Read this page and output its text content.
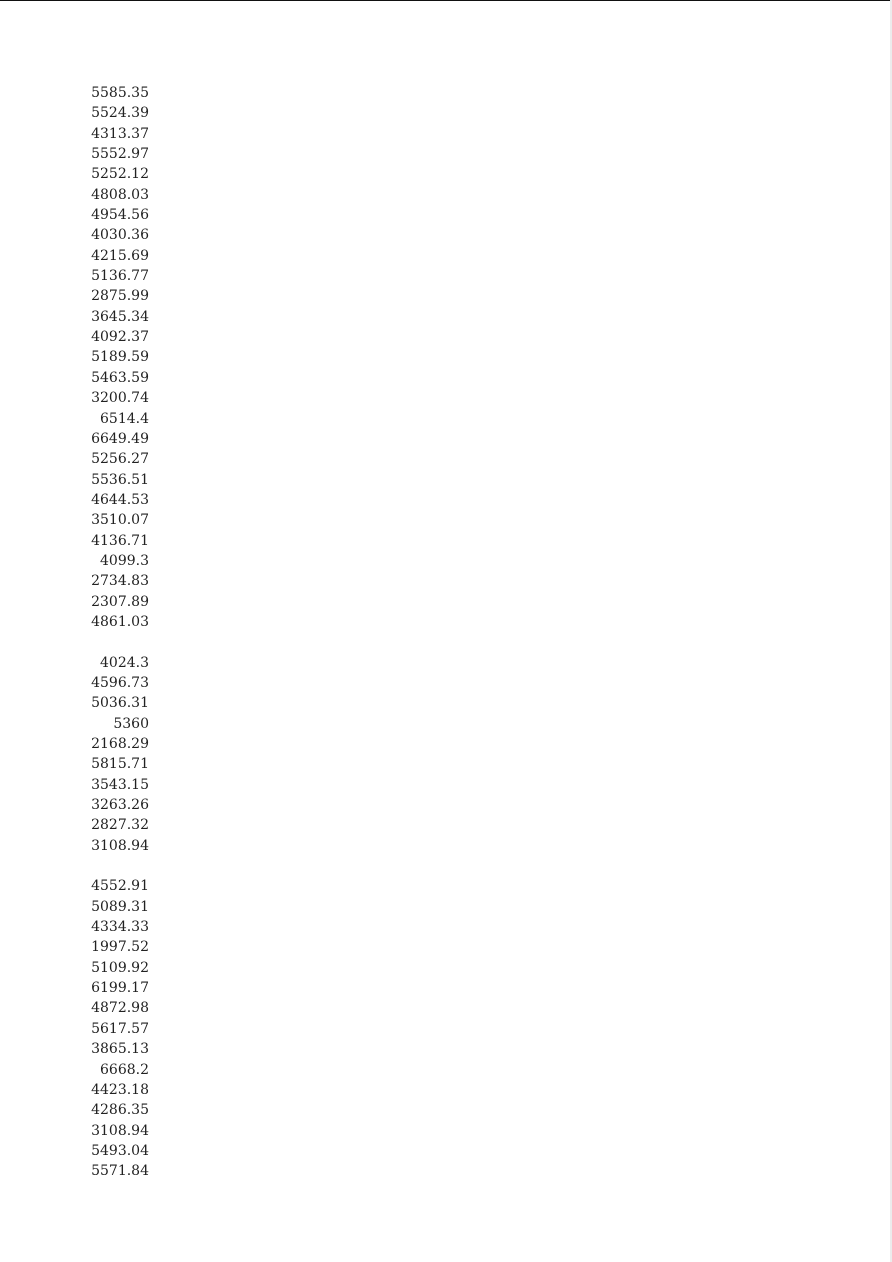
5585.35
5524.39
4313.37
5552.97
5252.12
4808.03
4954.56
4030.36
4215.69
5136.77
2875.99
3645.34
4092.37
5189.59
5463.59
3200.74
6514.4
6649.49
5256.27
5536.51
4644.53
3510.07
4136.71
4099.3
2734.83
2307.89
4861.03
4024.3
4596.73
5036.31
5360
2168.29
5815.71
3543.15
3263.26
2827.32
3108.94
4552.91
5089.31
4334.33
1997.52
5109.92
6199.17
4872.98
5617.57
3865.13
6668.2
4423.18
4286.35
3108.94
5493.04
5571.84
